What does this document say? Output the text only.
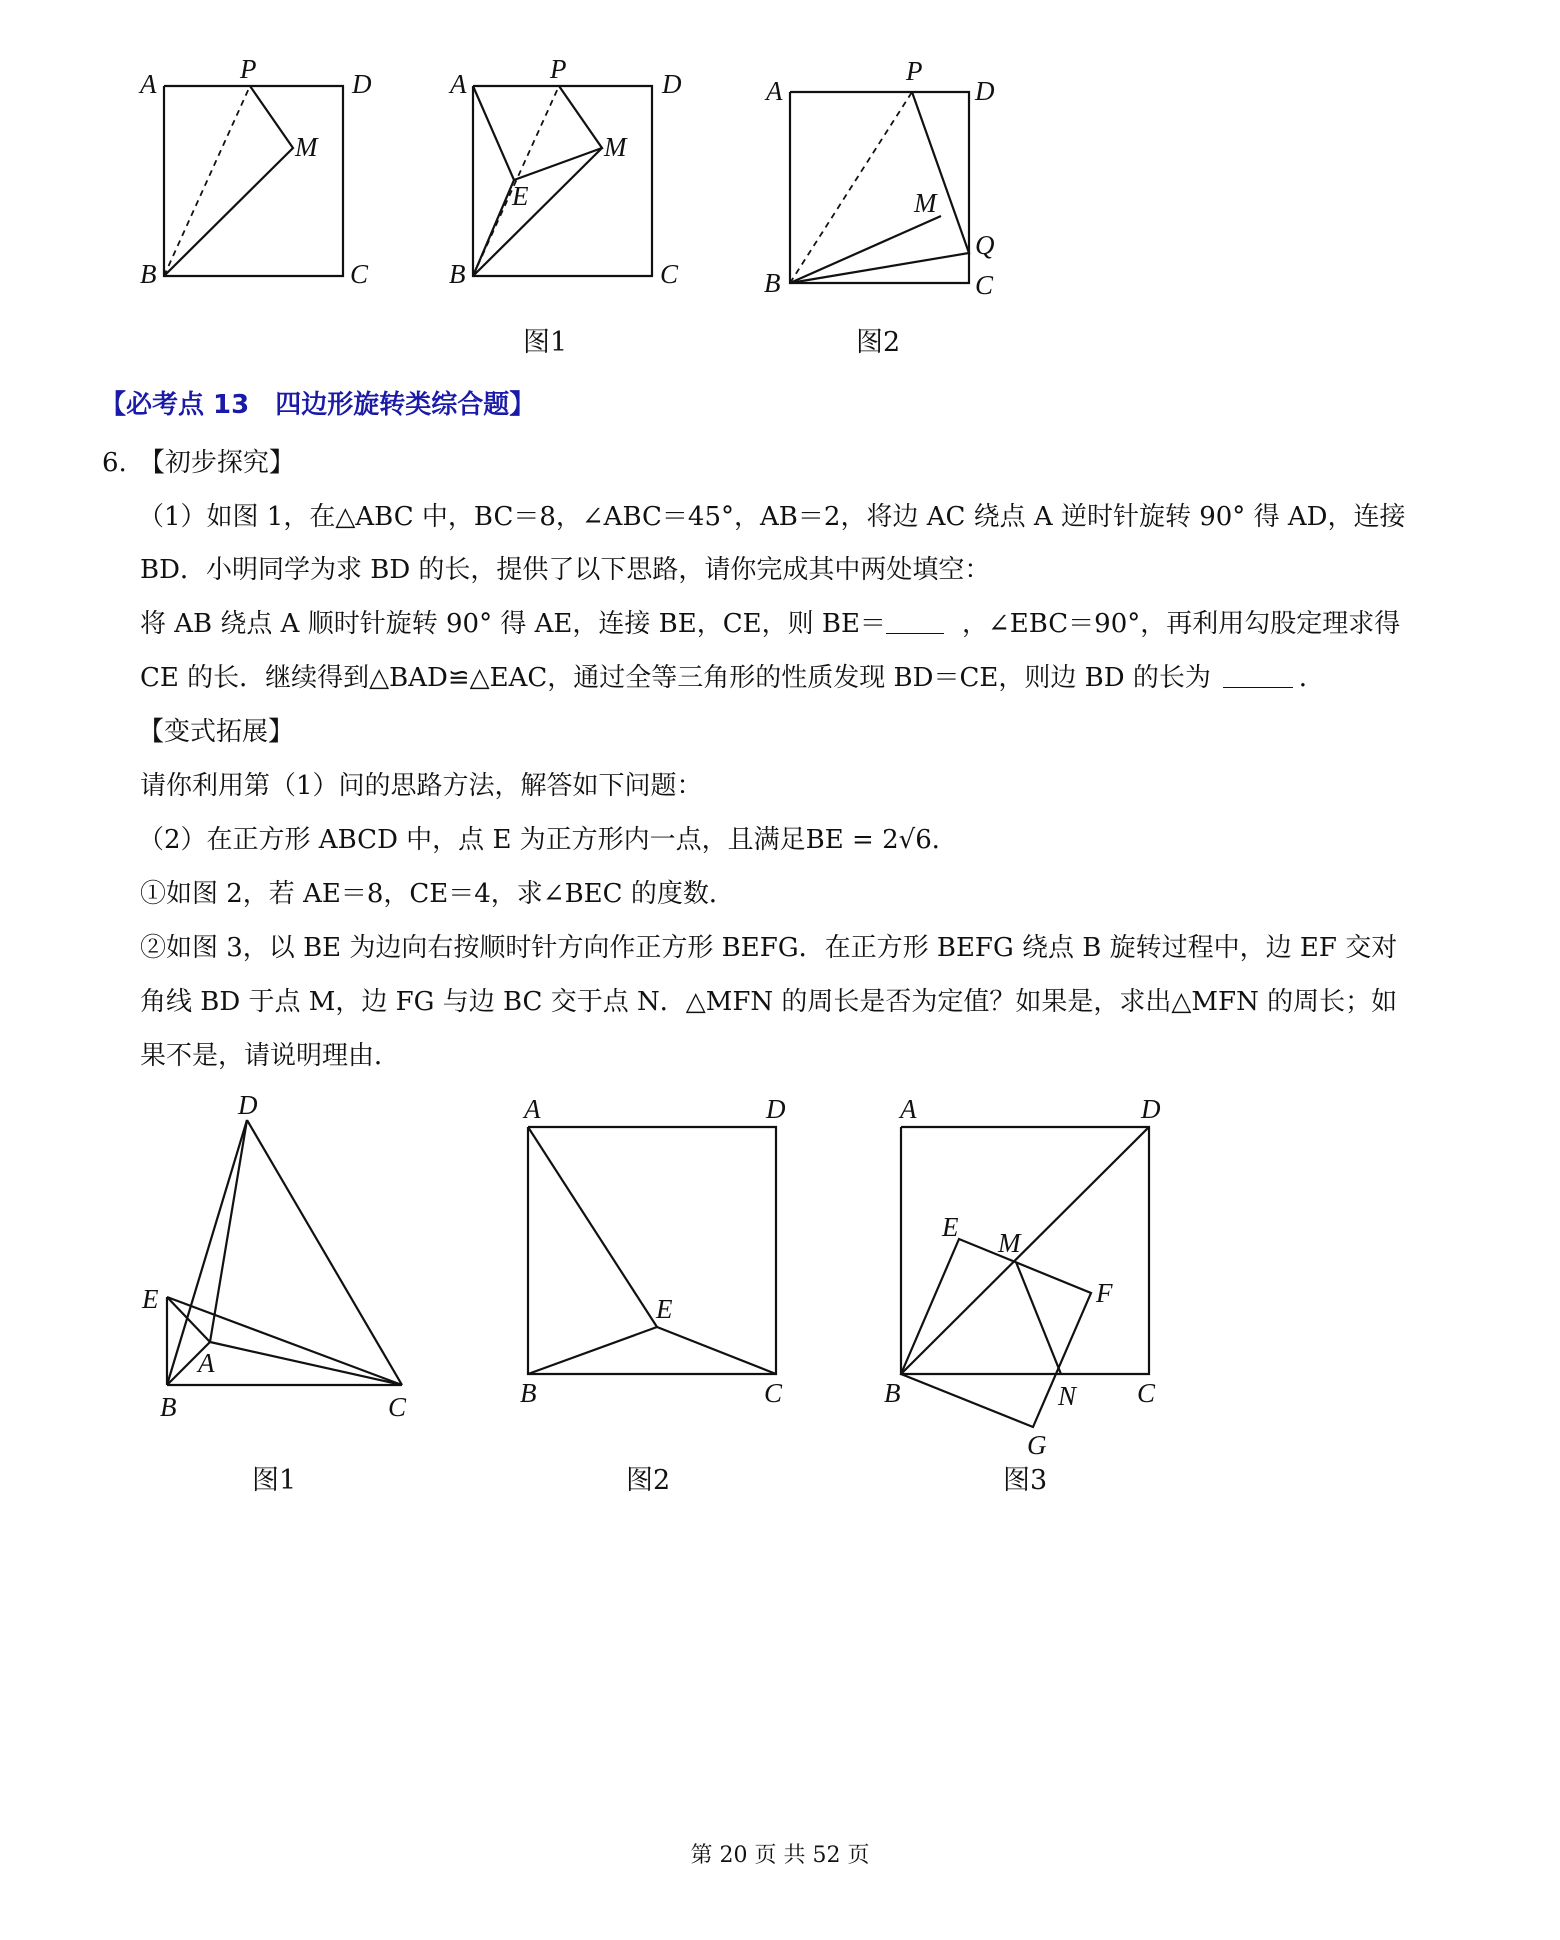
A	P	D
M
B	C
A	P	D
M
E
B	C
A
P
D
M
Q
B	C
图1	图2
【必考点 13　四边形旋转类综合题】
6. 【初步探究】
（1）如图 1，在△ABC 中，BC＝8，∠ABC＝45°，AB＝2，将边 AC 绕点 A 逆时针旋转 90° 得 AD，连接
BD．小明同学为求 BD 的长，提供了以下思路，请你完成其中两处填空：
将 AB 绕点 A 顺时针旋转 90° 得 AE，连接 BE，CE，则 BE＝	，∠EBC＝90°，再利用勾股定理求得
CE 的长．继续得到△BAD≌△EAC，通过全等三角形的性质发现 BD＝CE，则边 BD 的长为	．
【变式拓展】
请你利用第（1）问的思路方法，解答如下问题：
（2）在正方形 ABCD 中，点 E 为正方形内一点，且满足BE = 2√6．
①如图 2，若 AE＝8，CE＝4，求∠BEC 的度数．
②如图 3，以 BE 为边向右按顺时针方向作正方形 BEFG．在正方形 BEFG 绕点 B 旋转过程中，边 EF 交对
角线 BD 于点 M，边 FG 与边 BC 交于点 N．△MFN 的周长是否为定值？如果是，求出△MFN 的周长；如
果不是，请说明理由．
D
E
A
B	C
A	D
E
B	C
A	D
E
M
F
B	N C
G
图1	图2	图3
第 20 页 共 52 页
